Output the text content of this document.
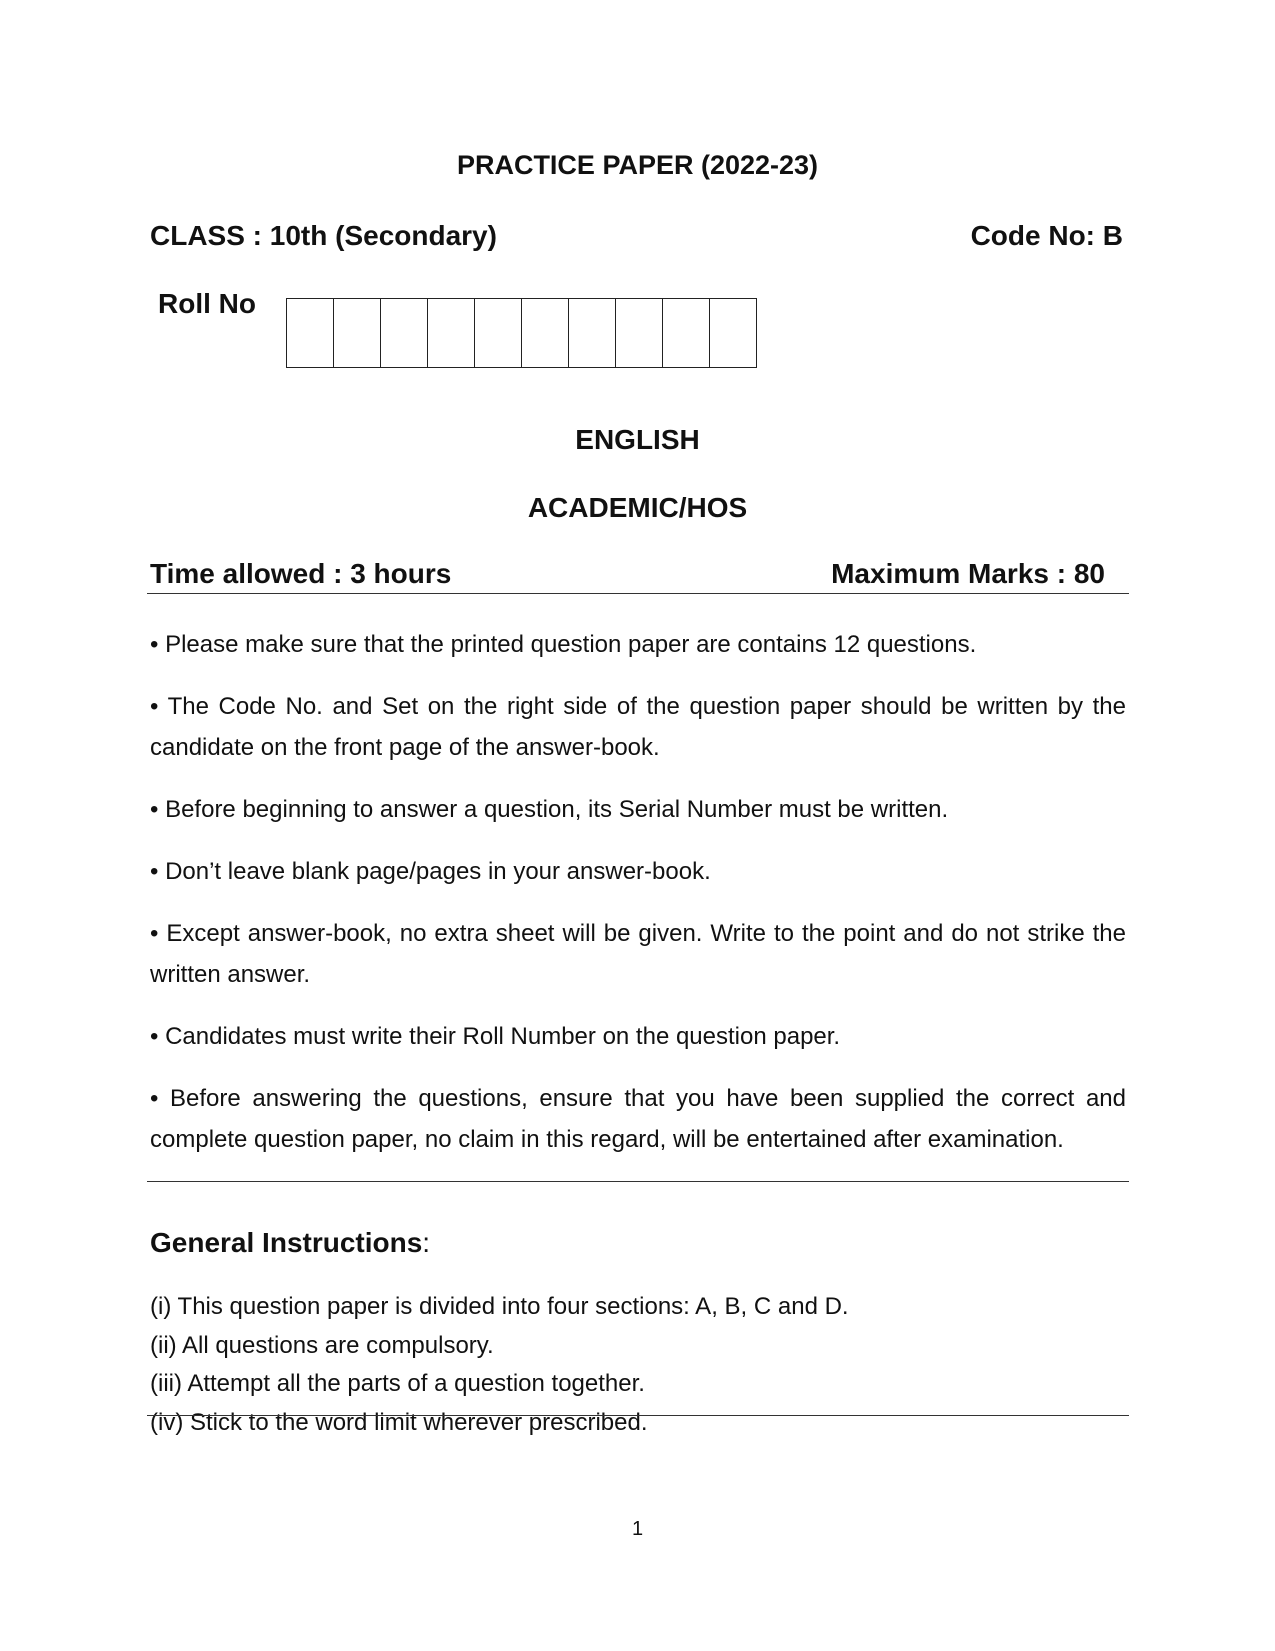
PRACTICE PAPER (2022-23)
CLASS : 10th (Secondary)	Code No: B
Roll No
ENGLISH
ACADEMIC/HOS
Time allowed : 3 hours	Maximum Marks : 80

• Please make sure that the printed question paper are contains 12 questions.

• The Code No. and Set on the right side of the question paper should be written by the candidate on the front page of the answer-book.

• Before beginning to answer a question, its Serial Number must be written.

• Don’t leave blank page/pages in your answer-book.

• Except answer-book, no extra sheet will be given. Write to the point and do not strike the written answer.

• Candidates must write their Roll Number on the question paper.

• Before answering the questions, ensure that you have been supplied the correct and complete question paper, no claim in this regard, will be entertained after examination.

General Instructions:
(i) This question paper is divided into four sections: A, B, C and D.
(ii) All questions are compulsory.
(iii) Attempt all the parts of a question together.
(iv) Stick to the word limit wherever prescribed.
1
